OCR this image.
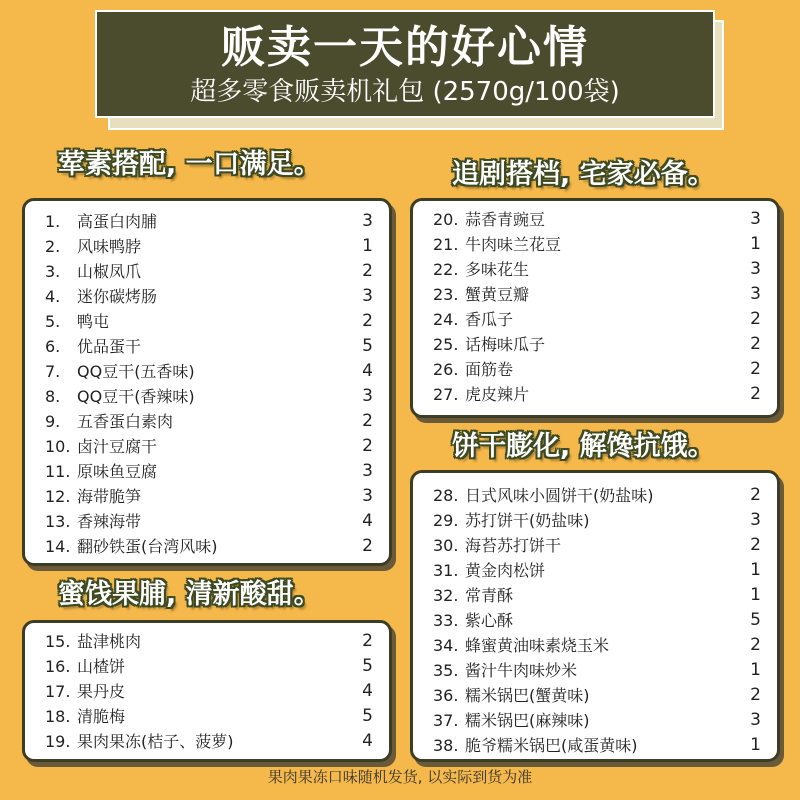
贩卖一天的好心情
超多零食贩卖机礼包 (2570g/100袋)
荤素搭配, 一口满足。
1. 高蛋白肉脯	3
2. 风味鸭脖	1
3. 山椒凤爪	2
4. 迷你碳烤肠	3
5. 鸭屯	2
6. 优品蛋干	5
7. QQ豆干(五香味)	4
8. QQ豆干(香辣味)	3
9. 五香蛋白素肉	2
10. 卤汁豆腐干	2
11. 原味鱼豆腐	3
12. 海带脆笋	3
13. 香辣海带	4
14. 翻砂铁蛋(台湾风味)	2
蜜饯果脯, 清新酸甜。
15. 盐津桃肉	2
16. 山楂饼	5
17. 果丹皮	4
18. 清脆梅	5
19. 果肉果冻(桔子、菠萝)	4
追剧搭档, 宅家必备。
20. 蒜香青豌豆	3
21. 牛肉味兰花豆	1
22. 多味花生	3
23. 蟹黄豆瓣	3
24. 香瓜子	2
25. 话梅味瓜子	2
26. 面筋卷	2
27. 虎皮辣片	2
饼干膨化, 解馋抗饿。
28. 日式风味小圆饼干(奶盐味)	2
29. 苏打饼干(奶盐味)	3
30. 海苔苏打饼干	2
31. 黄金肉松饼	1
32. 常青酥	1
33. 紫心酥	5
34. 蜂蜜黄油味素烧玉米	2
35. 酱汁牛肉味炒米	1
36. 糯米锅巴(蟹黄味)	2
37. 糯米锅巴(麻辣味)	3
38. 脆爷糯米锅巴(咸蛋黄味)	1
果肉果冻口味随机发货, 以实际到货为准
